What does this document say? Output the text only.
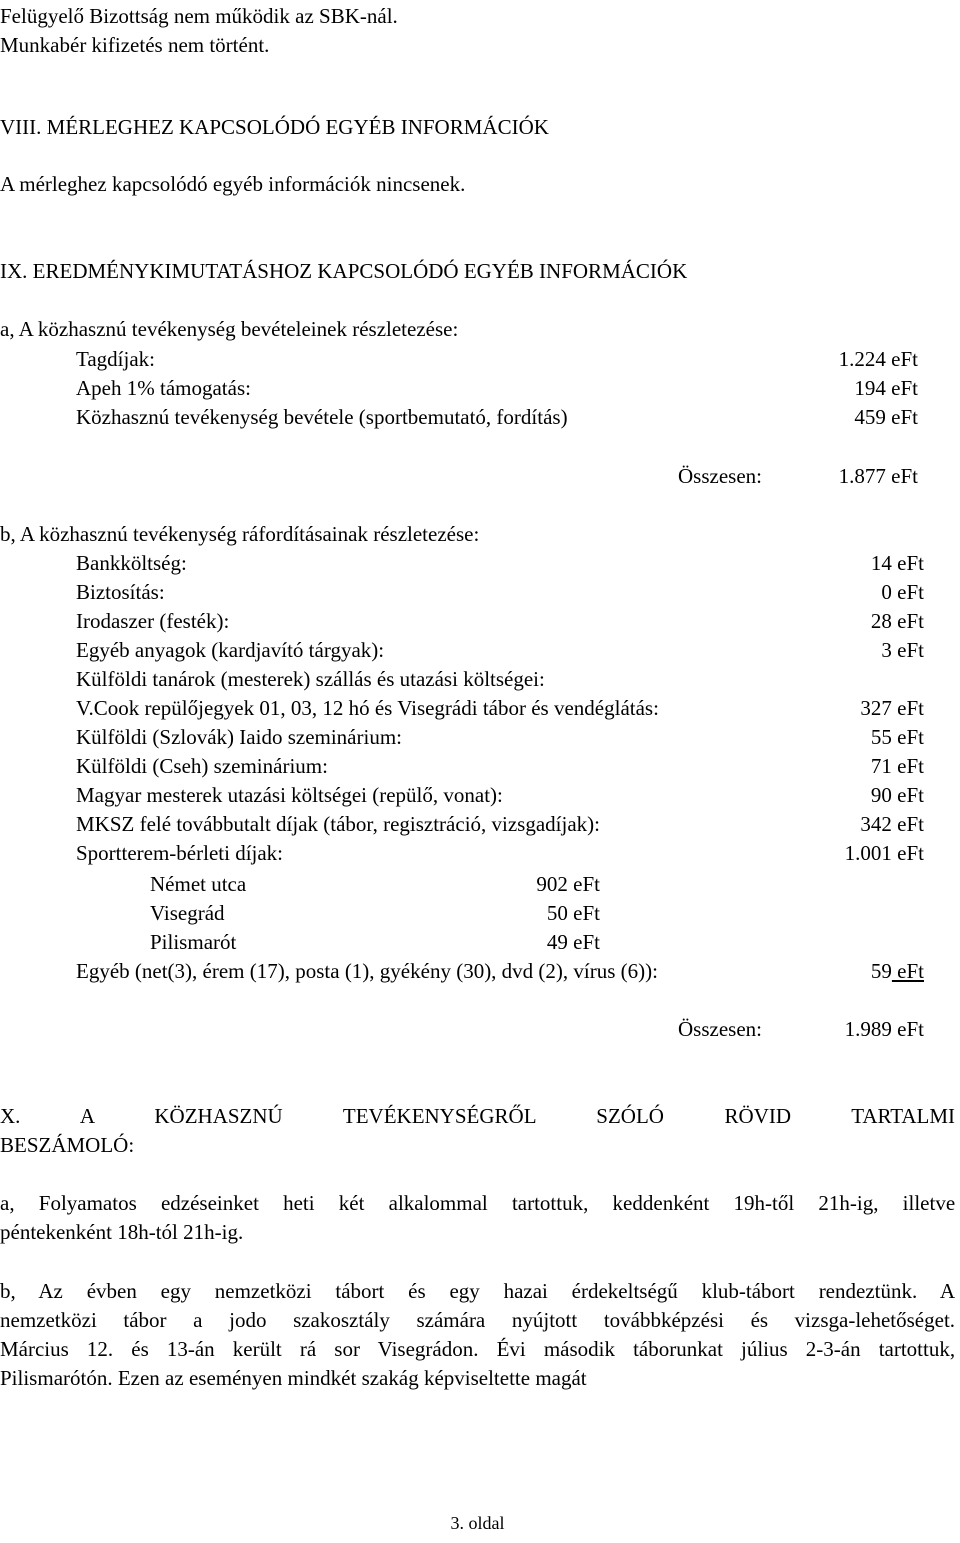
Felügyelő Bizottság nem működik az SBK-nál.
Munkabér kifizetés nem történt.
VIII. MÉRLEGHEZ KAPCSOLÓDÓ EGYÉB INFORMÁCIÓK
A mérleghez kapcsolódó egyéb információk nincsenek.
IX. EREDMÉNYKIMUTATÁSHOZ KAPCSOLÓDÓ EGYÉB INFORMÁCIÓK
a, A közhasznú tevékenység bevételeinek részletezése:
Tagdíjak:	1.224 eFt
Apeh 1% támogatás:	194 eFt
Közhasznú tevékenység bevétele (sportbemutató, fordítás)	459 eFt
Összesen:	1.877 eFt
b, A közhasznú tevékenység ráfordításainak részletezése:
Bankköltség:	14 eFt
Biztosítás:	0 eFt
Irodaszer (festék):	28 eFt
Egyéb anyagok (kardjavító tárgyak):	3 eFt
Külföldi tanárok (mesterek) szállás és utazási költségei:
V.Cook repülőjegyek 01, 03, 12 hó és Visegrádi tábor és vendéglátás:	327 eFt
Külföldi (Szlovák) Iaido szeminárium:	55 eFt
Külföldi (Cseh) szeminárium:	71 eFt
Magyar mesterek utazási költségei (repülő, vonat):	90 eFt
MKSZ felé továbbutalt díjak (tábor, regisztráció, vizsgadíjak):	342 eFt
Sportterem-bérleti díjak:	1.001 eFt
Német utca	902 eFt
Visegrád	50 eFt
Pilismarót	49 eFt
Egyéb (net(3), érem (17), posta (1), gyékény (30), dvd (2), vírus (6)):	59 eFt
Összesen:	1.989 eFt
X.	A	KÖZHASZNÚ	TEVÉKENYSÉGRŐL	SZÓLÓ	RÖVID	TARTALMI
BESZÁMOLÓ:
a, Folyamatos edzéseinket heti két alkalommal tartottuk, keddenként 19h-től 21h-ig, illetve
péntekenként 18h-tól 21h-ig.
b, Az évben egy nemzetközi tábort és egy hazai érdekeltségű klub-tábort rendeztünk. A
nemzetközi tábor a jodo szakosztály számára nyújtott továbbképzési és vizsga-lehetőséget.
Március 12. és 13-án került rá sor Visegrádon. Évi második táborunkat július 2-3-án tartottuk,
Pilismarótón. Ezen az eseményen mindkét szakág képviseltette magát
3. oldal
